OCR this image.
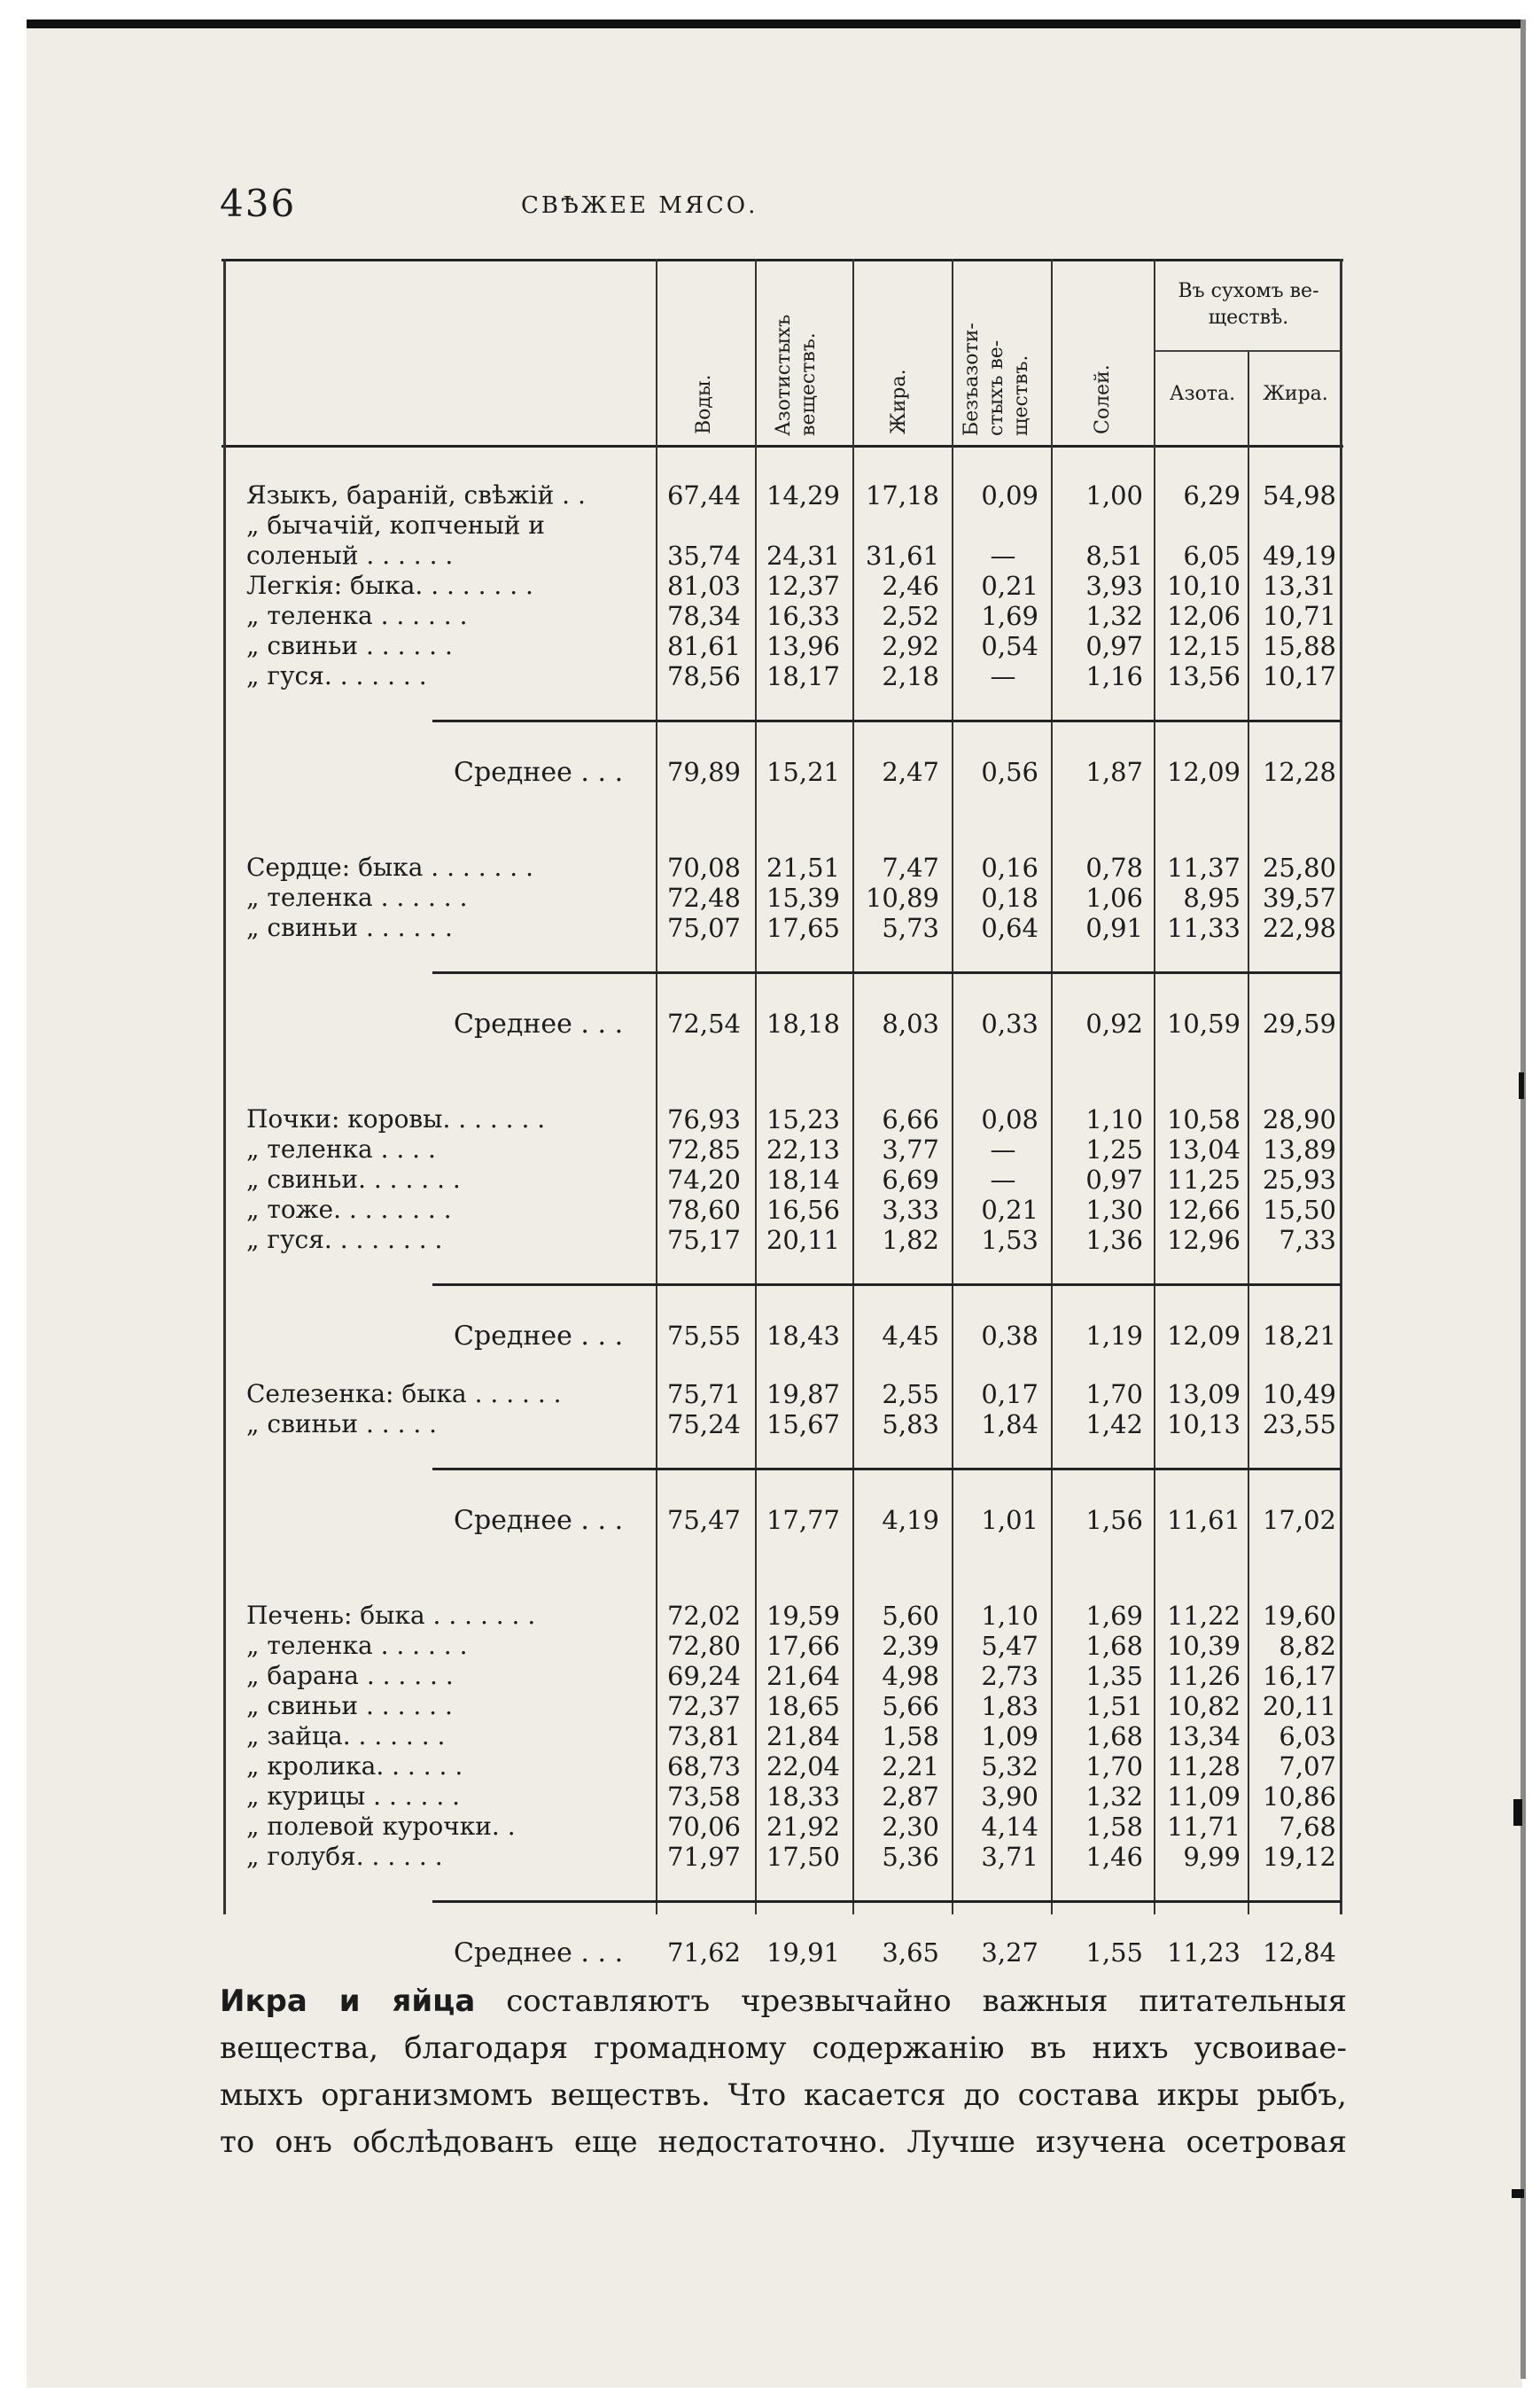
436	СВѢЖЕЕ МЯСО.
Воды.	Азотистыхъ веществъ.	Жира.	Безъазоти- стыхъ ве- ществъ.	Солей.
Въ сухомъ ве-
ществѣ.
Азота.	Жира.
Языкъ, бараній, свѣжій . .	67,44 14,29 17,18	0,09	1,00	6,29 54,98
„ бычачій, копченый и
соленый . . . . . .	35,74 24,31 31,61	—	8,51	6,05 49,19
Легкія: быка. . . . . . . .	81,03 12,37	2,46	0,21	3,93 10,10 13,31
„ теленка . . . . . .	78,34 16,33	2,52	1,69	1,32 12,06 10,71
„ свиньи . . . . . .	81,61 13,96	2,92	0,54	0,97 12,15 15,88
„ гуся. . . . . . .	78,56 18,17	2,18	—	1,16 13,56 10,17
Среднее . . .	79,89 15,21	2,47	0,56	1,87 12,09 12,28
Сердце: быка . . . . . . .	70,08 21,51	7,47	0,16	0,78 11,37 25,80
„ теленка . . . . . .	72,48 15,39 10,89	0,18	1,06	8,95 39,57
„ свиньи . . . . . .	75,07 17,65	5,73	0,64	0,91 11,33 22,98
Среднее . . .	72,54 18,18	8,03	0,33	0,92 10,59 29,59
Почки: коровы. . . . . . .	76,93 15,23	6,66	0,08	1,10 10,58 28,90
„ теленка . . . .	72,85 22,13	3,77	—	1,25 13,04 13,89
„ свиньи. . . . . . .	74,20 18,14	6,69	—	0,97 11,25 25,93
„ тоже. . . . . . . .	78,60 16,56	3,33	0,21	1,30 12,66 15,50
„ гуся. . . . . . . .	75,17 20,11	1,82	1,53	1,36 12,96	7,33
Среднее . . .	75,55 18,43	4,45	0,38	1,19 12,09 18,21
Селезенка: быка . . . . . .	75,71 19,87	2,55	0,17	1,70 13,09 10,49
„ свиньи . . . . .	75,24 15,67	5,83	1,84	1,42 10,13 23,55
Среднее . . .	75,47 17,77	4,19	1,01	1,56 11,61 17,02
Печень: быка . . . . . . .	72,02 19,59	5,60	1,10	1,69 11,22 19,60
„ теленка . . . . . .	72,80 17,66	2,39	5,47	1,68 10,39	8,82
„ барана . . . . . .	69,24 21,64	4,98	2,73	1,35 11,26 16,17
„ свиньи . . . . . .	72,37 18,65	5,66	1,83	1,51 10,82 20,11
„ зайца. . . . . . .	73,81 21,84	1,58	1,09	1,68 13,34	6,03
„ кролика. . . . . .	68,73 22,04	2,21	5,32	1,70 11,28	7,07
„ курицы . . . . . .	73,58 18,33	2,87	3,90	1,32 11,09 10,86
„ полевой курочки. .	70,06 21,92	2,30	4,14	1,58 11,71	7,68
„ голубя. . . . . .	71,97 17,50	5,36	3,71	1,46	9,99 19,12
Среднее . . .	71,62 19,91	3,65	3,27	1,55 11,23 12,84
Икра и яйца составляютъ чрезвычайно важныя питательныя
вещества, благодаря громадному содержанію въ нихъ усвоивае-
мыхъ организмомъ веществъ. Что касается до состава икры рыбъ,
то онъ обслѣдованъ еще недостаточно. Лучше изучена осетровая
